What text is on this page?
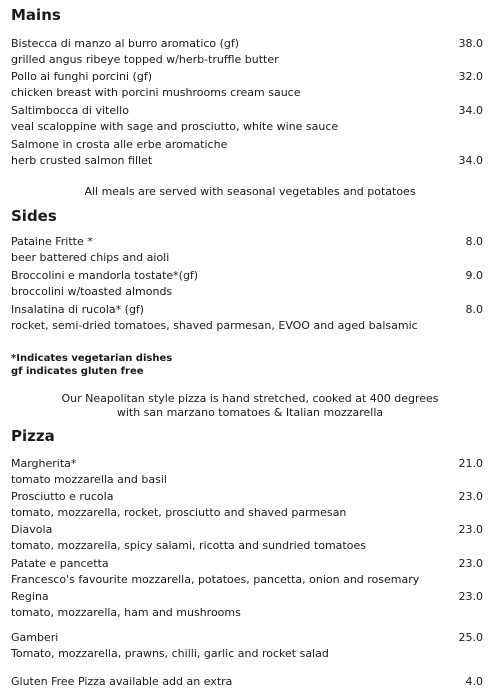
Mains
Bistecca di manzo al burro aromatico (gf)
grilled angus ribeye topped w/herb-truffle butter
38.0
Pollo ai funghi porcini (gf)
chicken breast with porcini mushrooms cream sauce
32.0
Saltimbocca di vitello
veal scaloppine with sage and prosciutto, white wine sauce
34.0
Salmone in crosta alle erbe aromatiche
herb crusted salmon fillet	34.0
All meals are served with seasonal vegetables and potatoes
Sides
Pataine Fritte *
beer battered chips and aioli
8.0
Broccolini e mandorla tostate*(gf)
broccolini w/toasted almonds
9.0
Insalatina di rucola* (gf)
rocket, semi-dried tomatoes, shaved parmesan, EVOO and aged balsamic
8.0
*Indicates vegetarian dishes
gf indicates gluten free
Our Neapolitan style pizza is hand stretched, cooked at 400 degrees
with san marzano tomatoes & Italian mozzarella
Pizza
Margherita*
tomato mozzarella and basil
21.0
Prosciutto e rucola
tomato, mozzarella, rocket, prosciutto and shaved parmesan
23.0
Diavola
tomato, mozzarella, spicy salami, ricotta and sundried tomatoes
23.0
Patate e pancetta
Francesco's favourite mozzarella, potatoes, pancetta, onion and rosemary
23.0
Regina
tomato, mozzarella, ham and mushrooms
23.0
Gamberi
Tomato, mozzarella, prawns, chilli, garlic and rocket salad
25.0
Gluten Free Pizza available add an extra	4.0
